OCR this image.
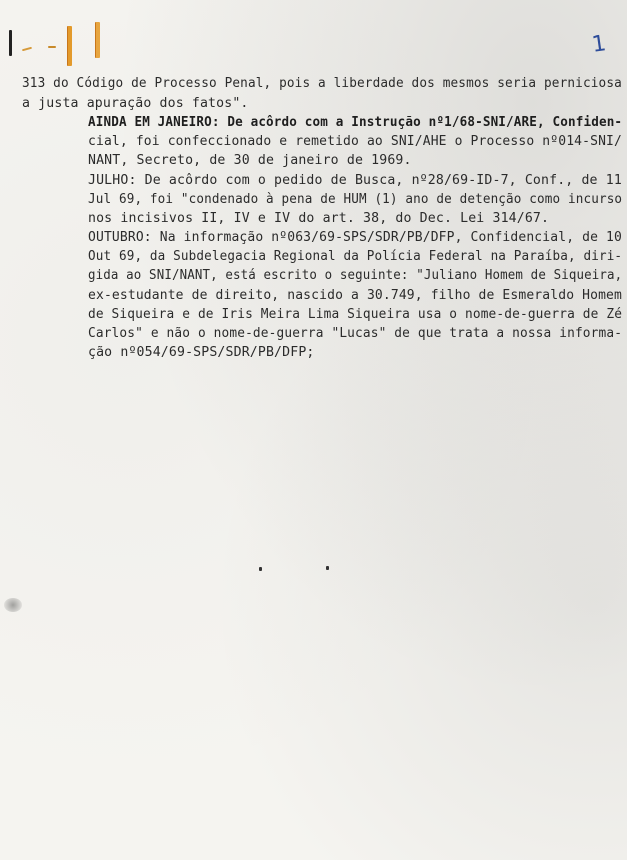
1
313 do Código de Processo Penal, pois a liberdade dos mesmos seria perniciosa
a justa apuração dos fatos".
AINDA EM JANEIRO: De acôrdo com a Instrução nº1/68-SNI/ARE, Confiden-
cial, foi confeccionado e remetido ao SNI/AHE o Processo nº014-SNI/
NANT, Secreto, de 30 de janeiro de 1969.
JULHO: De acôrdo com o pedido de Busca, nº28/69-ID-7, Conf., de 11
Jul 69, foi "condenado à pena de HUM (1) ano de detenção como incurso
nos incisivos II, IV e IV do art. 38, do Dec. Lei 314/67.
OUTUBRO: Na informação nº063/69-SPS/SDR/PB/DFP, Confidencial, de 10
Out 69, da Subdelegacia Regional da Polícia Federal na Paraíba, diri-
gida ao SNI/NANT, está escrito o seguinte: "Juliano Homem de Siqueira,
ex-estudante de direito, nascido a 30.749, filho de Esmeraldo Homem
de Siqueira e de Iris Meira Lima Siqueira usa o nome-de-guerra de Zé
Carlos" e não o nome-de-guerra "Lucas" de que trata a nossa informa-
ção nº054/69-SPS/SDR/PB/DFP;
